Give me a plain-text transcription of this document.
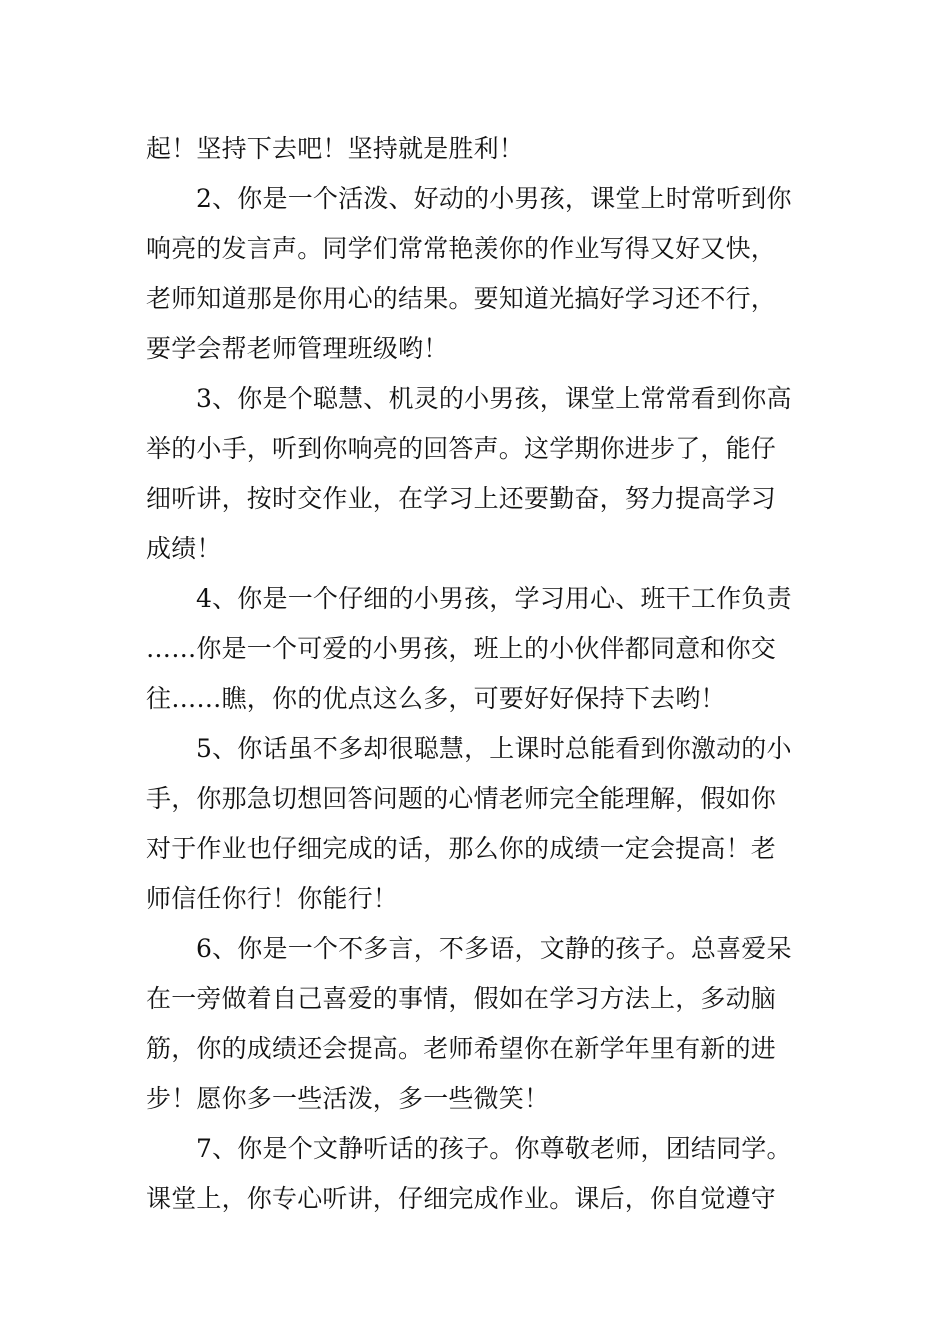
起！坚持下去吧！坚持就是胜利！
2、你是一个活泼、好动的小男孩，课堂上时常听到你
响亮的发言声。同学们常常艳羡你的作业写得又好又快，
老师知道那是你用心的结果。要知道光搞好学习还不行，
要学会帮老师管理班级哟！
3、你是个聪慧、机灵的小男孩，课堂上常常看到你高
举的小手，听到你响亮的回答声。这学期你进步了，能仔
细听讲，按时交作业，在学习上还要勤奋，努力提高学习
成绩！
4、你是一个仔细的小男孩，学习用心、班干工作负责
……你是一个可爱的小男孩，班上的小伙伴都同意和你交
往……瞧，你的优点这么多，可要好好保持下去哟！
5、你话虽不多却很聪慧，上课时总能看到你激动的小
手，你那急切想回答问题的心情老师完全能理解，假如你
对于作业也仔细完成的话，那么你的成绩一定会提高！老
师信任你行！你能行！
6、你是一个不多言，不多语，文静的孩子。总喜爱呆
在一旁做着自己喜爱的事情，假如在学习方法上，多动脑
筋，你的成绩还会提高。老师希望你在新学年里有新的进
步！愿你多一些活泼，多一些微笑！
7、你是个文静听话的孩子。你尊敬老师，团结同学。
课堂上，你专心听讲，仔细完成作业。课后，你自觉遵守
